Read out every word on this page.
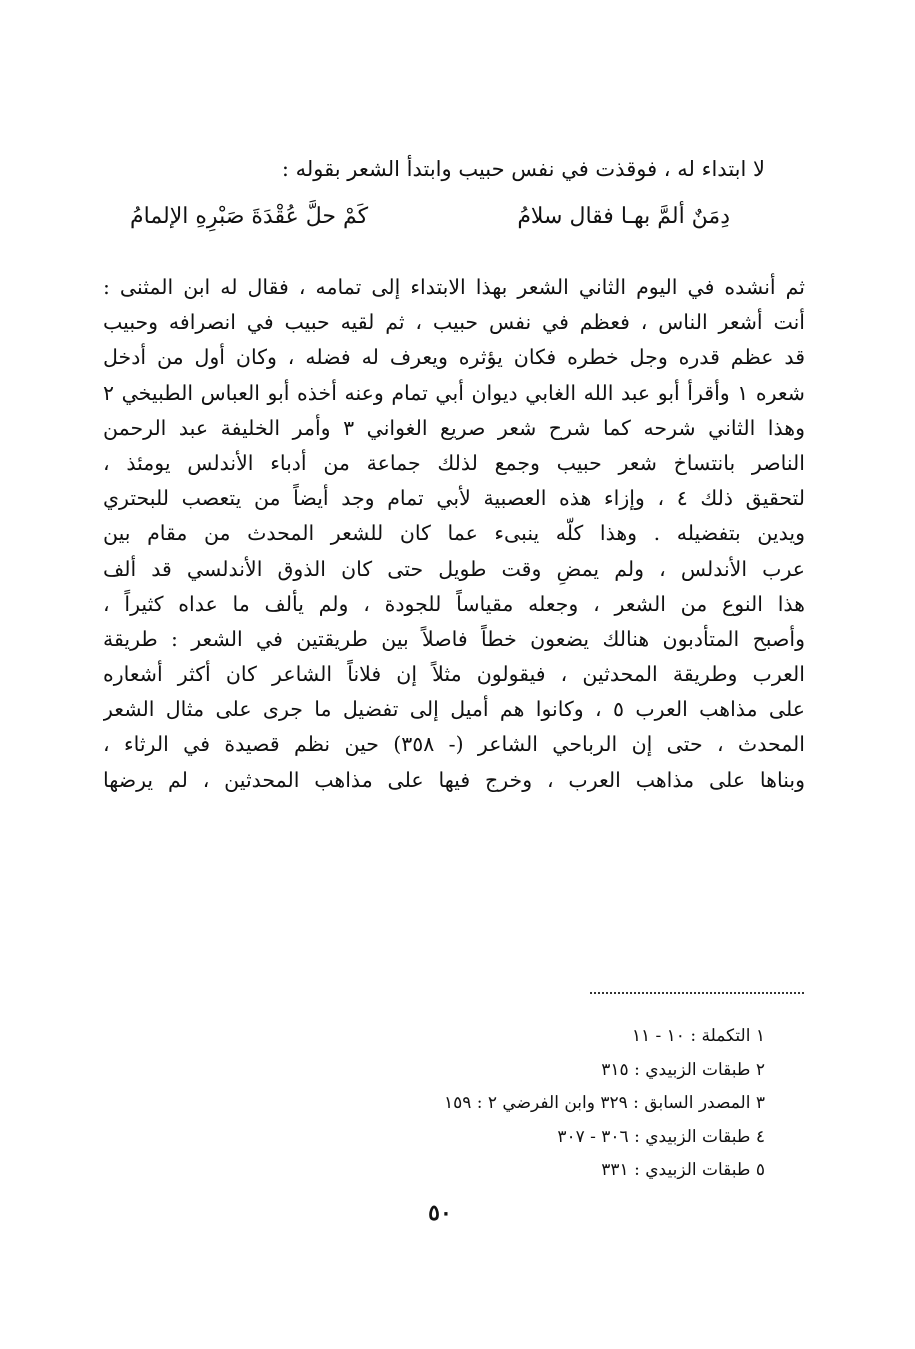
لا ابتداء له ، فوقذت في نفس حبيب وابتدأ الشعر بقوله :
دِمَنٌ ألمَّ بهـا فقال سلامُ
كَمْ حلَّ عُقْدَةَ صَبْرِهِ الإلمامُ
ثم أنشده في اليوم الثاني الشعر بهذا الابتداء إلى تمامه ، فقال له ابن المثنى :
أنت أشعر الناس ، فعظم في نفس حبيب ، ثم لقيه حبيب في انصرافه وحبيب
قد عظم قدره وجل خطره فكان يؤثره ويعرف له فضله ، وكان أول من أدخل
شعره ١ وأقرأ أبو عبد الله الغابي ديوان أبي تمام وعنه أخذه أبو العباس الطبيخي ٢
وهذا الثاني شرحه كما شرح شعر صريع الغواني ٣ وأمر الخليفة عبد الرحمن
الناصر بانتساخ شعر حبيب وجمع لذلك جماعة من أدباء الأندلس يومئذ ،
لتحقيق ذلك ٤ ، وإزاء هذه العصبية لأبي تمام وجد أيضاً من يتعصب للبحتري
ويدين بتفضيله . وهذا كلّه ينبىء عما كان للشعر المحدث من مقام بين
عرب الأندلس ، ولم يمضِ وقت طويل حتى كان الذوق الأندلسي قد ألف
هذا النوع من الشعر ، وجعله مقياساً للجودة ، ولم يألف ما عداه كثيراً ،
وأصبح المتأدبون هنالك يضعون خطاً فاصلاً بين طريقتين في الشعر : طريقة
العرب وطريقة المحدثين ، فيقولون مثلاً إن فلاناً الشاعر كان أكثر أشعاره
على مذاهب العرب ٥ ، وكانوا هم أميل إلى تفضيل ما جرى على مثال الشعر
المحدث ، حتى إن الرباحي الشاعر (- ٣٥٨) حين نظم قصيدة في الرثاء ،
وبناها على مذاهب العرب ، وخرج فيها على مذاهب المحدثين ، لم يرضها
١ التكملة : ١٠ - ١١
٢ طبقات الزبيدي : ٣١٥
٣ المصدر السابق : ٣٢٩ وابن الفرضي ٢ : ١٥٩
٤ طبقات الزبيدي : ٣٠٦ - ٣٠٧
٥ طبقات الزبيدي : ٣٣١
٥٠
